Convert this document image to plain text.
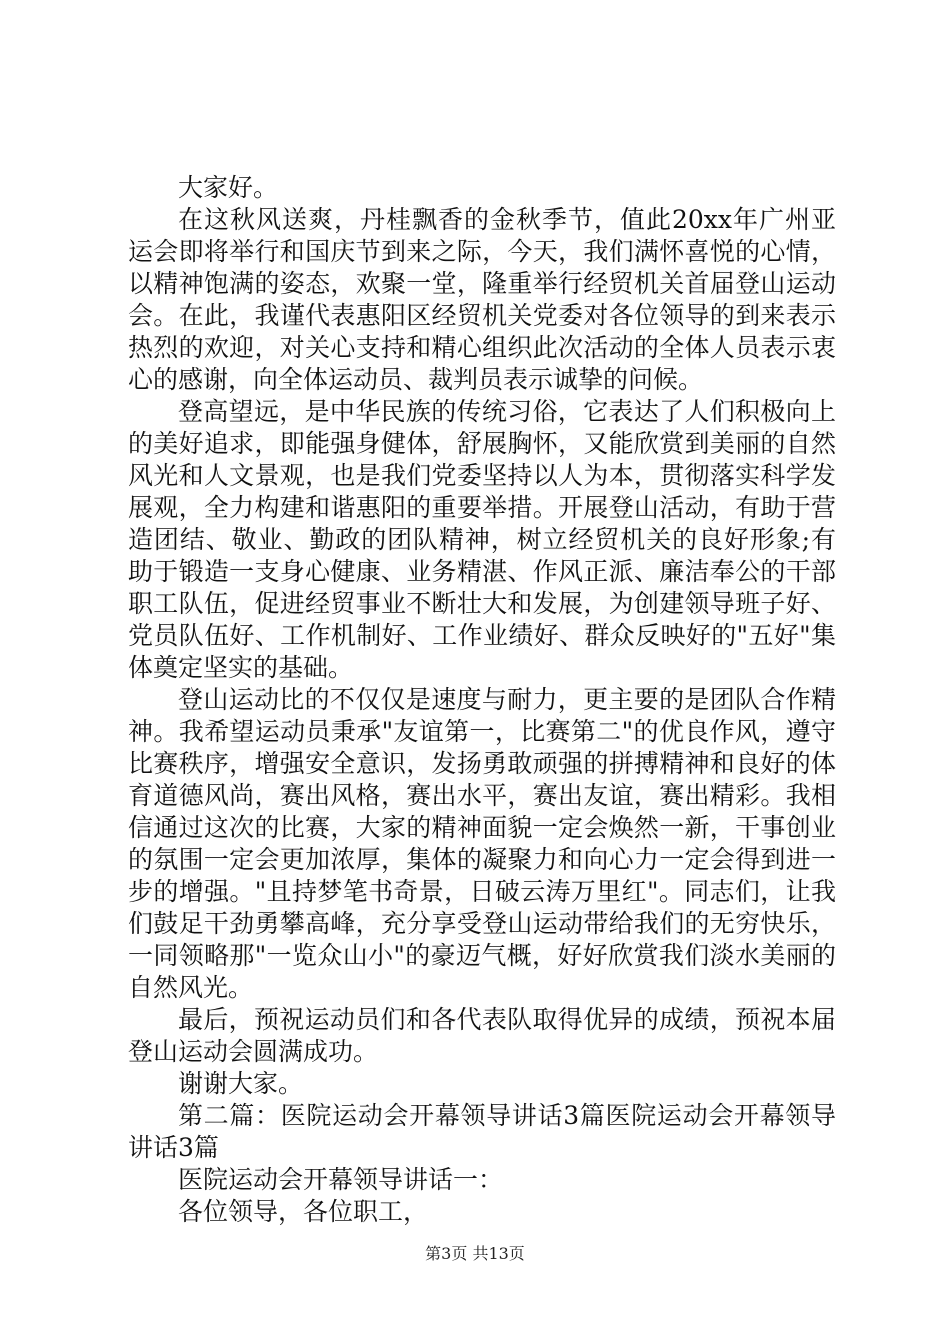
大家好。

在这秋风送爽，丹桂飘香的金秋季节，值此20xx年广州亚运会即将举行和国庆节到来之际，今天，我们满怀喜悦的心情，以精神饱满的姿态，欢聚一堂，隆重举行经贸机关首届登山运动会。在此，我谨代表惠阳区经贸机关党委对各位领导的到来表示热烈的欢迎，对关心支持和精心组织此次活动的全体人员表示衷心的感谢，向全体运动员、裁判员表示诚挚的问候。

登高望远，是中华民族的传统习俗，它表达了人们积极向上的美好追求，即能强身健体，舒展胸怀，又能欣赏到美丽的自然风光和人文景观，也是我们党委坚持以人为本，贯彻落实科学发展观，全力构建和谐惠阳的重要举措。开展登山活动，有助于营造团结、敬业、勤政的团队精神，树立经贸机关的良好形象;有助于锻造一支身心健康、业务精湛、作风正派、廉洁奉公的干部职工队伍，促进经贸事业不断壮大和发展，为创建领导班子好、党员队伍好、工作机制好、工作业绩好、群众反映好的"五好"集体奠定坚实的基础。

登山运动比的不仅仅是速度与耐力，更主要的是团队合作精神。我希望运动员秉承"友谊第一，比赛第二"的优良作风，遵守比赛秩序，增强安全意识，发扬勇敢顽强的拼搏精神和良好的体育道德风尚，赛出风格，赛出水平，赛出友谊，赛出精彩。我相信通过这次的比赛，大家的精神面貌一定会焕然一新，干事创业的氛围一定会更加浓厚，集体的凝聚力和向心力一定会得到进一步的增强。"且持梦笔书奇景，日破云涛万里红"。同志们，让我们鼓足干劲勇攀高峰，充分享受登山运动带给我们的无穷快乐，一同领略那"一览众山小"的豪迈气概，好好欣赏我们淡水美丽的自然风光。

最后，预祝运动员们和各代表队取得优异的成绩，预祝本届登山运动会圆满成功。

谢谢大家。

第二篇：医院运动会开幕领导讲话3篇医院运动会开幕领导讲话3篇

医院运动会开幕领导讲话一：

各位领导，各位职工，

第3页 共13页
